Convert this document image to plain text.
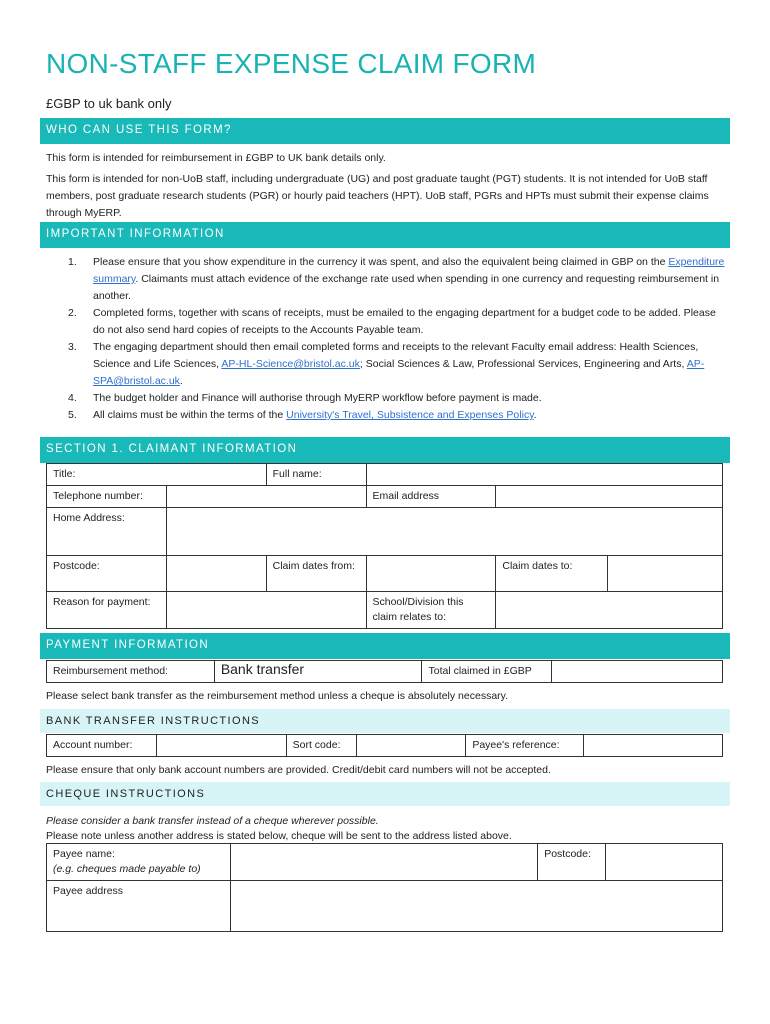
NON-STAFF EXPENSE CLAIM FORM
£GBP to uk bank only
WHO CAN USE THIS FORM?
This form is intended for reimbursement in £GBP to UK bank details only.
This form is intended for non-UoB staff, including undergraduate (UG) and post graduate taught (PGT) students. It is not intended for UoB staff members, post graduate research students (PGR) or hourly paid teachers (HPT). UoB staff, PGRs and HPTs must submit their expense claims through MyERP.
IMPORTANT INFORMATION
1. Please ensure that you show expenditure in the currency it was spent, and also the equivalent being claimed in GBP on the Expenditure summary. Claimants must attach evidence of the exchange rate used when spending in one currency and requesting reimbursement in another.
2. Completed forms, together with scans of receipts, must be emailed to the engaging department for a budget code to be added. Please do not also send hard copies of receipts to the Accounts Payable team.
3. The engaging department should then email completed forms and receipts to the relevant Faculty email address: Health Sciences, Science and Life Sciences, AP-HL-Science@bristol.ac.uk; Social Sciences & Law, Professional Services, Engineering and Arts, AP-SPA@bristol.ac.uk.
4. The budget holder and Finance will authorise through MyERP workflow before payment is made.
5. All claims must be within the terms of the University's Travel, Subsistence and Expenses Policy.
SECTION 1. CLAIMANT INFORMATION
Title:		Full name:			
Telephone number:			Email address		
Home Address:					
Postcode:		Claim dates from:		Claim dates to:	
Reason for payment:			School/Division this claim relates to:		
PAYMENT INFORMATION
Reimbursement method:	Bank transfer	Total claimed in £GBP	
Please select bank transfer as the reimbursement method unless a cheque is absolutely necessary.
BANK TRANSFER INSTRUCTIONS
Account number:		Sort code:		Payee's reference:	
Please ensure that only bank account numbers are provided. Credit/debit card numbers will not be accepted.
CHEQUE INSTRUCTIONS
Please consider a bank transfer instead of a cheque wherever possible.
Please note unless another address is stated below, cheque will be sent to the address listed above.
Payee name:
(e.g. cheques made payable to)		Postcode:	
Payee address			
